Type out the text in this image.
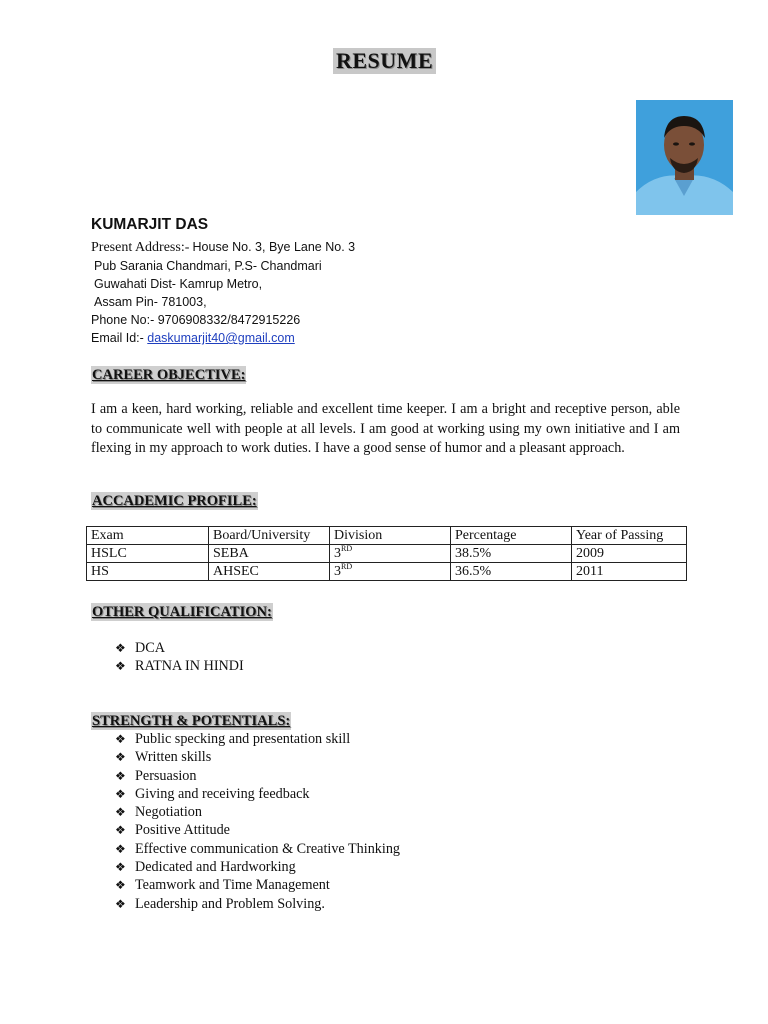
RESUME
KUMARJIT DAS
Present Address:- House No. 3, Bye Lane No. 3
Pub Sarania Chandmari, P.S- Chandmari
Guwahati Dist- Kamrup Metro,
Assam Pin- 781003,
Phone No:- 9706908332/8472915226
Email Id:- daskumarjit40@gmail.com
CAREER OBJECTIVE:
I am a keen, hard working, reliable and excellent time keeper. I am a bright and receptive person, able to communicate well with people at all levels. I am good at working using my own initiative and I am flexing in my approach to work duties. I have a good sense of humor and a pleasant approach.
ACCADEMIC PROFILE:
Exam	Board/University	Division	Percentage	Year of Passing
HSLC	SEBA	3RD	38.5%	2009
HS	AHSEC	3RD	36.5%	2011
OTHER QUALIFICATION:
❖ DCA
❖ RATNA IN HINDI
STRENGTH & POTENTIALS:
❖ Public specking and presentation skill
❖ Written skills
❖ Persuasion
❖ Giving and receiving feedback
❖ Negotiation
❖ Positive Attitude
❖ Effective communication & Creative Thinking
❖ Dedicated and Hardworking
❖ Teamwork and Time Management
❖ Leadership and Problem Solving.
